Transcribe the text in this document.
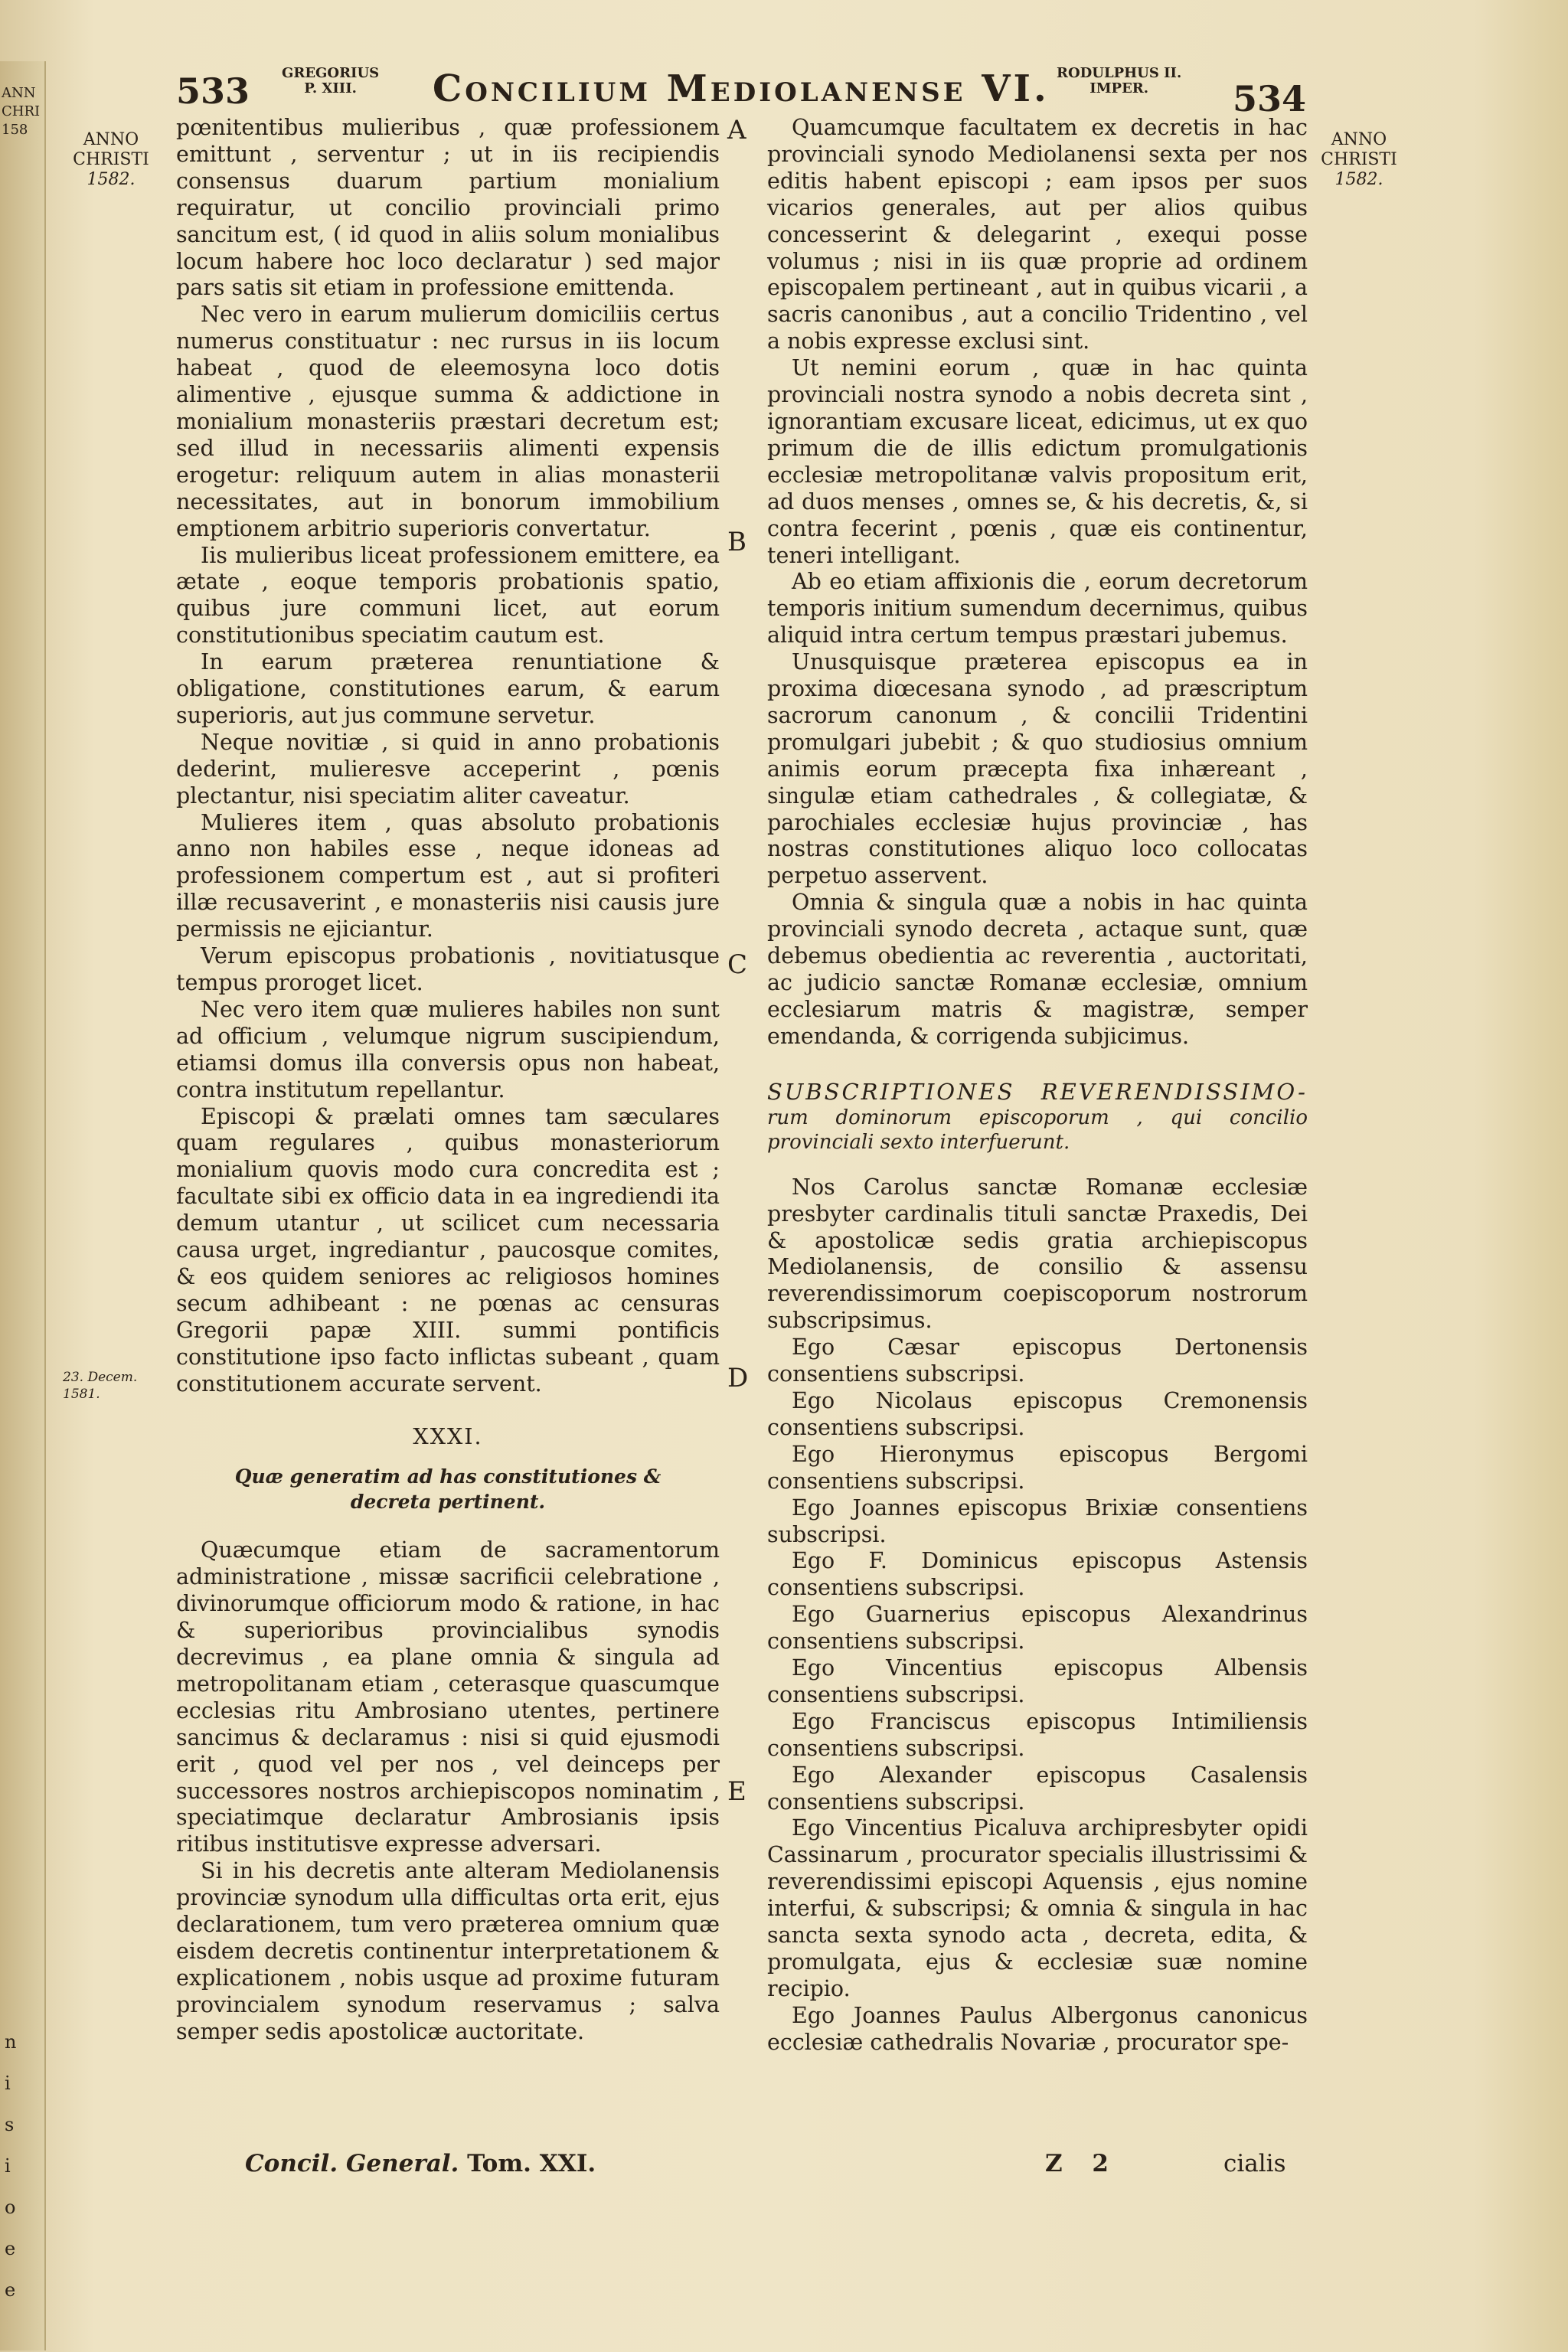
ANN
CHRI
158
n
i
s
i
o
e
e
533 GREGORIUS
P. XIII.	Concilium Mediolanense VI. RODULPHUS II.
IMPER.	534
ANNO
CHRISTI
1582.
ANNO
CHRISTI
1582.
23. Decem.
1581.
A
B
C
D
E

pœnitentibus mulieribus , quæ professionem emittunt , serventur ; ut in iis recipiendis consensus duarum partium monialium requiratur, ut concilio provinciali primo sancitum est, ( id quod in aliis solum monialibus locum habere hoc loco declaratur ) sed major pars satis sit etiam in professione emittenda.

Nec vero in earum mulierum domiciliis certus numerus constituatur : nec rursus in iis locum habeat , quod de eleemosyna loco dotis alimentive , ejusque summa & addictione in monialium monasteriis præstari decretum est; sed illud in necessariis alimenti expensis erogetur: reliquum autem in alias monasterii necessitates, aut in bonorum immobilium emptionem arbitrio superioris convertatur.

Iis mulieribus liceat professionem emittere, ea ætate , eoque temporis probationis spatio, quibus jure communi licet, aut eorum constitutionibus speciatim cautum est.

In earum præterea renuntiatione & obligatione, constitutiones earum, & earum superioris, aut jus commune servetur.

Neque novitiæ , si quid in anno probationis dederint, mulieresve acceperint , pœnis plectantur, nisi speciatim aliter caveatur.

Mulieres item , quas absoluto probationis anno non habiles esse , neque idoneas ad professionem compertum est , aut si profiteri illæ recusaverint , e monasteriis nisi causis jure permissis ne ejiciantur.

Verum episcopus probationis , novitiatusque tempus proroget licet.

Nec vero item quæ mulieres habiles non sunt ad officium , velumque nigrum suscipiendum, etiamsi domus illa conversis opus non habeat, contra institutum repellantur.

Episcopi & prælati omnes tam sæculares quam regulares , quibus monasteriorum monialium quovis modo cura concredita est ; facultate sibi ex officio data in ea ingrediendi ita demum utantur , ut scilicet cum necessaria causa urget, ingrediantur , paucosque comites, & eos quidem seniores ac religiosos homines secum adhibeant : ne pœnas ac censuras Gregorii papæ XIII. summi pontificis constitutione ipso facto inflictas subeant , quam constitutionem accurate servent.

XXXI.

Quæ generatim ad has constitutiones & decreta pertinent.

Quæcumque etiam de sacramentorum administratione , missæ sacrificii celebratione , divinorumque officiorum modo & ratione, in hac & superioribus provincialibus synodis decrevimus , ea plane omnia & singula ad metropolitanam etiam , ceterasque quascumque ecclesias ritu Ambrosiano utentes, pertinere sancimus & declaramus : nisi si quid ejusmodi erit , quod vel per nos , vel deinceps per successores nostros archiepiscopos nominatim , speciatimque declaratur Ambrosianis ipsis ritibus institutisve expresse adversari.

Si in his decretis ante alteram Mediolanensis provinciæ synodum ulla difficultas orta erit, ejus declarationem, tum vero præterea omnium quæ eisdem decretis continentur interpretationem & explicationem , nobis usque ad proxime futuram provincialem synodum reservamus ; salva semper sedis apostolicæ auctoritate.

Quamcumque facultatem ex decretis in hac provinciali synodo Mediolanensi sexta per nos editis habent episcopi ; eam ipsos per suos vicarios generales, aut per alios quibus concesserint & delegarint , exequi posse volumus ; nisi in iis quæ proprie ad ordinem episcopalem pertineant , aut in quibus vicarii , a sacris canonibus , aut a concilio Tridentino , vel a nobis expresse exclusi sint.

Ut nemini eorum , quæ in hac quinta provinciali nostra synodo a nobis decreta sint , ignorantiam excusare liceat, edicimus, ut ex quo primum die de illis edictum promulgationis ecclesiæ metropolitanæ valvis propositum erit, ad duos menses , omnes se, & his decretis, &, si contra fecerint , pœnis , quæ eis continentur, teneri intelligant.

Ab eo etiam affixionis die , eorum decretorum temporis initium sumendum decernimus, quibus aliquid intra certum tempus præstari jubemus.

Unusquisque præterea episcopus ea in proxima diœcesana synodo , ad præscriptum sacrorum canonum , & concilii Tridentini promulgari jubebit ; & quo studiosius omnium animis eorum præcepta fixa inhæreant , singulæ etiam cathedrales , & collegiatæ, & parochiales ecclesiæ hujus provinciæ , has nostras constitutiones aliquo loco collocatas perpetuo asservent.

Omnia & singula quæ a nobis in hac quinta provinciali synodo decreta , actaque sunt, quæ debemus obedientia ac reverentia , auctoritati, ac judicio sanctæ Romanæ ecclesiæ, omnium ecclesiarum matris & magistræ, semper emendanda, & corrigenda subjicimus.

SUBSCRIPTIONES REVERENDISSIMO- rum dominorum episcoporum , qui concilio provinciali sexto interfuerunt.

Nos Carolus sanctæ Romanæ ecclesiæ presbyter cardinalis tituli sanctæ Praxedis, Dei & apostolicæ sedis gratia archiepiscopus Mediolanensis, de consilio & assensu reverendissimorum coepiscoporum nostrorum subscripsimus.

Ego Cæsar episcopus Dertonensis consentiens subscripsi.

Ego Nicolaus episcopus Cremonensis consentiens subscripsi.

Ego Hieronymus episcopus Bergomi consentiens subscripsi.

Ego Joannes episcopus Brixiæ consentiens subscripsi.

Ego F. Dominicus episcopus Astensis consentiens subscripsi.

Ego Guarnerius episcopus Alexandrinus consentiens subscripsi.

Ego Vincentius episcopus Albensis consentiens subscripsi.

Ego Franciscus episcopus Intimiliensis consentiens subscripsi.

Ego Alexander episcopus Casalensis consentiens subscripsi.

Ego Vincentius Picaluva archipresbyter opidi Cassinarum , procurator specialis illustrissimi & reverendissimi episcopi Aquensis , ejus nomine interfui, & subscripsi; & omnia & singula in hac sancta sexta synodo acta , decreta, edita, & promulgata, ejus & ecclesiæ suæ nomine recipio.

Ego Joannes Paulus Albergonus canonicus ecclesiæ cathedralis Novariæ , procurator spe-

Concil. General. Tom. XXI.	Z 2	cialis
